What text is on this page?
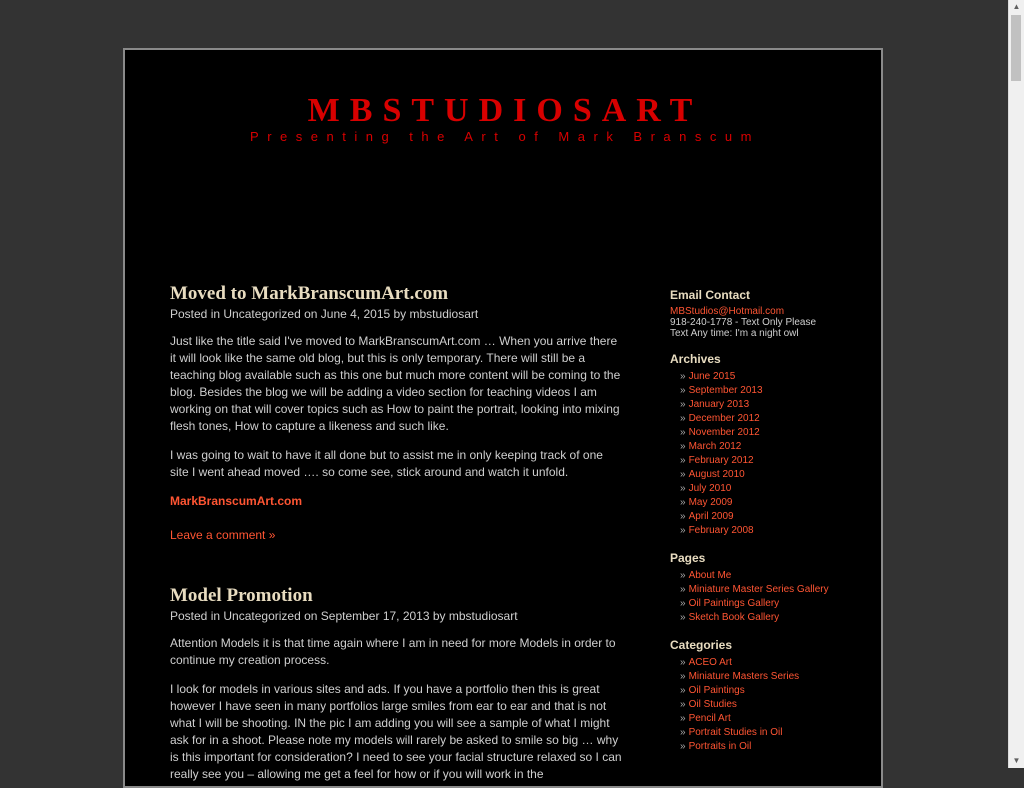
MBSTUDIOSART
Presenting the Art of Mark Branscum
Moved to MarkBranscumArt.com
Posted in Uncategorized on June 4, 2015 by mbstudiosart

Just like the title said I've moved to MarkBranscumArt.com … When you arrive there it will look like the same old blog, but this is only temporary. There will still be a teaching blog available such as this one but much more content will be coming to the blog. Besides the blog we will be adding a video section for teaching videos I am working on that will cover topics such as How to paint the portrait, looking into mixing flesh tones, How to capture a likeness and such like.

I was going to wait to have it all done but to assist me in only keeping track of one site I went ahead moved …. so come see, stick around and watch it unfold.

MarkBranscumArt.com
Leave a comment »
Model Promotion
Posted in Uncategorized on September 17, 2013 by mbstudiosart

Attention Models it is that time again where I am in need for more Models in order to continue my creation process.

I look for models in various sites and ads. If you have a portfolio then this is great however I have seen in many portfolios large smiles from ear to ear and that is not what I will be shooting. IN the pic I am adding you will see a sample of what I might ask for in a shoot. Please note my models will rarely be asked to smile so big … why is this important for consideration? I need to see your facial structure relaxed so I can really see you – allowing me get a feel for how or if you will work in the

Email Contact
MBStudios@Hotmail.com
918-240-1778 - Text Only Please
Text Any time: I'm a night owl
Archives
» June 2015
» September 2013
» January 2013
» December 2012
» November 2012
» March 2012
» February 2012
» August 2010
» July 2010
» May 2009
» April 2009
» February 2008
Pages
» About Me
» Miniature Master Series Gallery
» Oil Paintings Gallery
» Sketch Book Gallery
Categories
» ACEO Art
» Miniature Masters Series
» Oil Paintings
» Oil Studies
» Pencil Art
» Portrait Studies in Oil
» Portraits in Oil
▲
▼
